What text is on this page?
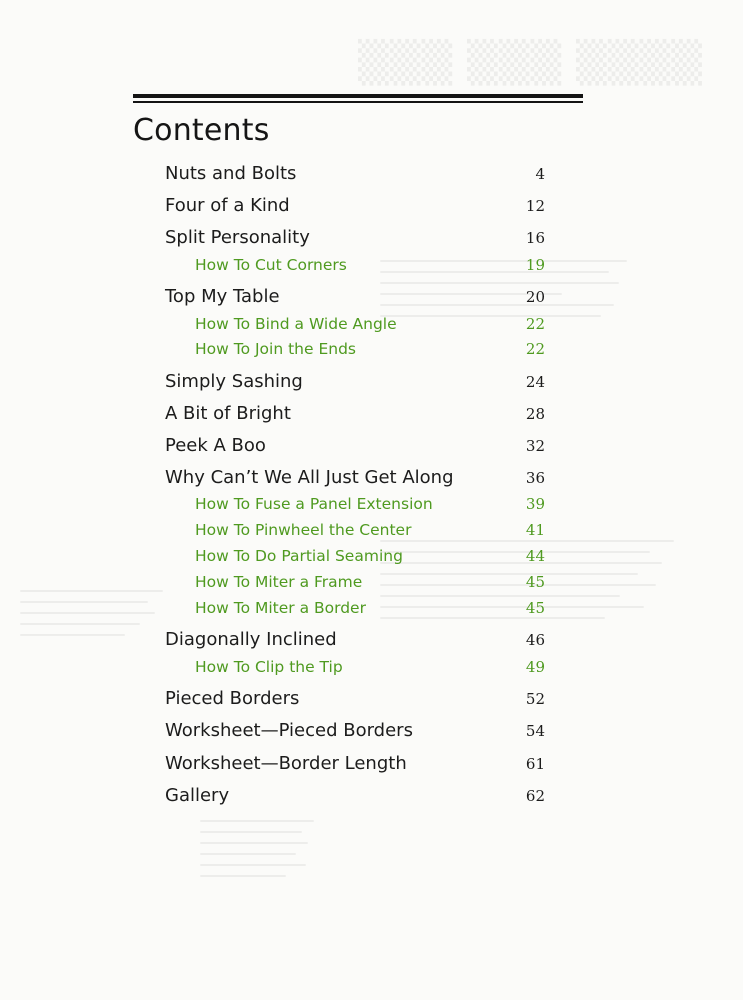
▒▒▒ ▒▒▒ ▒▒▒▒
Contents
Nuts and Bolts	4
Four of a Kind	12
Split Personality	16
How To Cut Corners	19
Top My Table	20
How To Bind a Wide Angle	22
How To Join the Ends	22
Simply Sashing	24
A Bit of Bright	28
Peek A Boo	32
Why Can’t We All Just Get Along	36
How To Fuse a Panel Extension	39
How To Pinwheel the Center	41
How To Do Partial Seaming	44
How To Miter a Frame	45
How To Miter a Border	45
Diagonally Inclined	46
How To Clip the Tip	49
Pieced Borders	52
Worksheet—Pieced Borders	54
Worksheet—Border Length	61
Gallery	62
